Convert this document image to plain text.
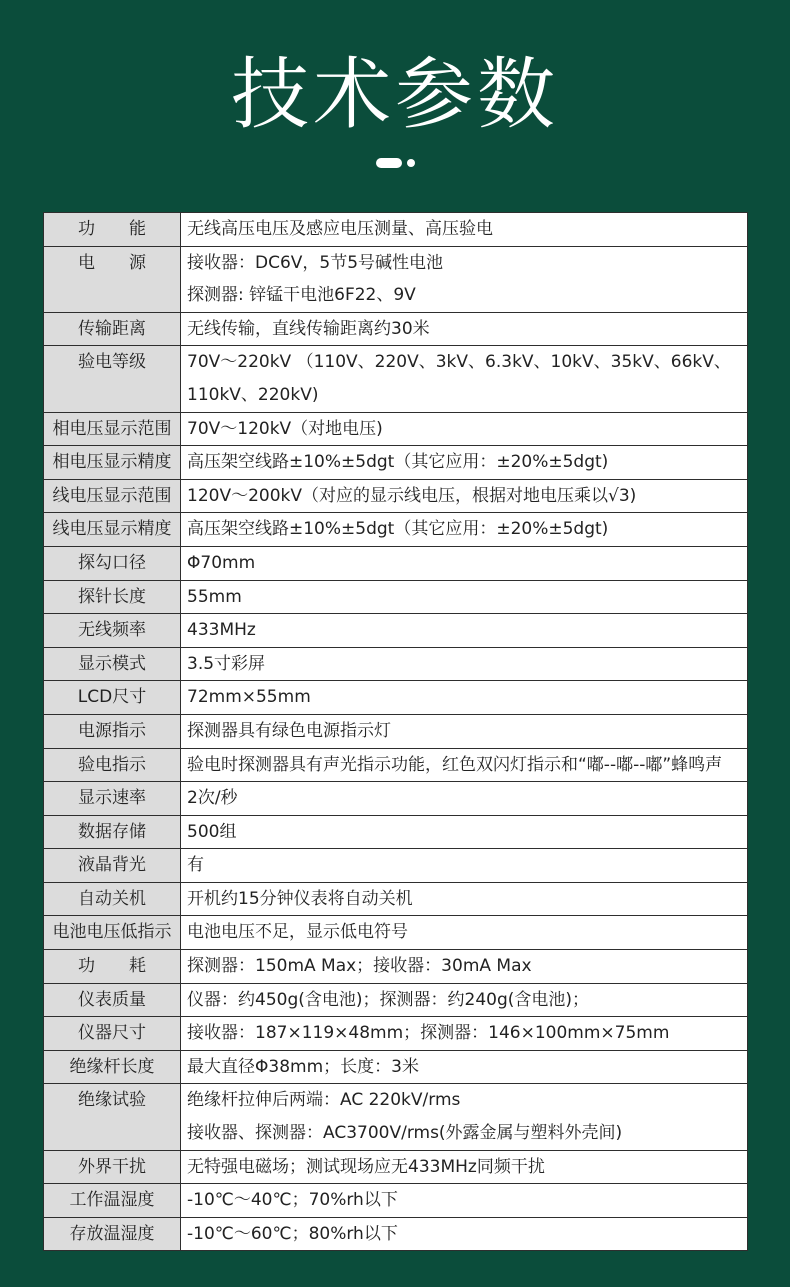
技术参数
功　　能	无线高压电压及感应电压测量、高压验电

电　　源	接收器：DC6V，5节5号碱性电池
探测器: 锌锰干电池6F22、9V

传输距离	无线传输，直线传输距离约30米

验电等级	70V～220kV （110V、220V、3kV、6.3kV、10kV、35kV、66kV、
110kV、220kV)

相电压显示范围	70V～120kV（对地电压)

相电压显示精度	高压架空线路±10%±5dgt（其它应用：±20%±5dgt)

线电压显示范围	120V～200kV（对应的显示线电压，根据对地电压乘以√3)

线电压显示精度	高压架空线路±10%±5dgt（其它应用：±20%±5dgt)

探勾口径	Φ70mm

探针长度	55mm

无线频率	433MHz

显示模式	3.5寸彩屏

LCD尺寸	72mm×55mm

电源指示	探测器具有绿色电源指示灯

验电指示	验电时探测器具有声光指示功能，红色双闪灯指示和“嘟--嘟--嘟”蜂鸣声

显示速率	2次/秒

数据存储	500组

液晶背光	有

自动关机	开机约15分钟仪表将自动关机

电池电压低指示	电池电压不足，显示低电符号

功　　耗	探测器：150mA Max；接收器：30mA Max

仪表质量	仪器：约450g(含电池)；探测器：约240g(含电池)；

仪器尺寸	接收器：187×119×48mm；探测器：146×100mm×75mm

绝缘杆长度	最大直径Φ38mm；长度：3米

绝缘试验	绝缘杆拉伸后两端：AC 220kV/rms
接收器、探测器：AC3700V/rms(外露金属与塑料外壳间)

外界干扰	无特强电磁场；测试现场应无433MHz同频干扰

工作温湿度	-10℃～40℃；70%rh以下

存放温湿度	-10℃～60℃；80%rh以下
